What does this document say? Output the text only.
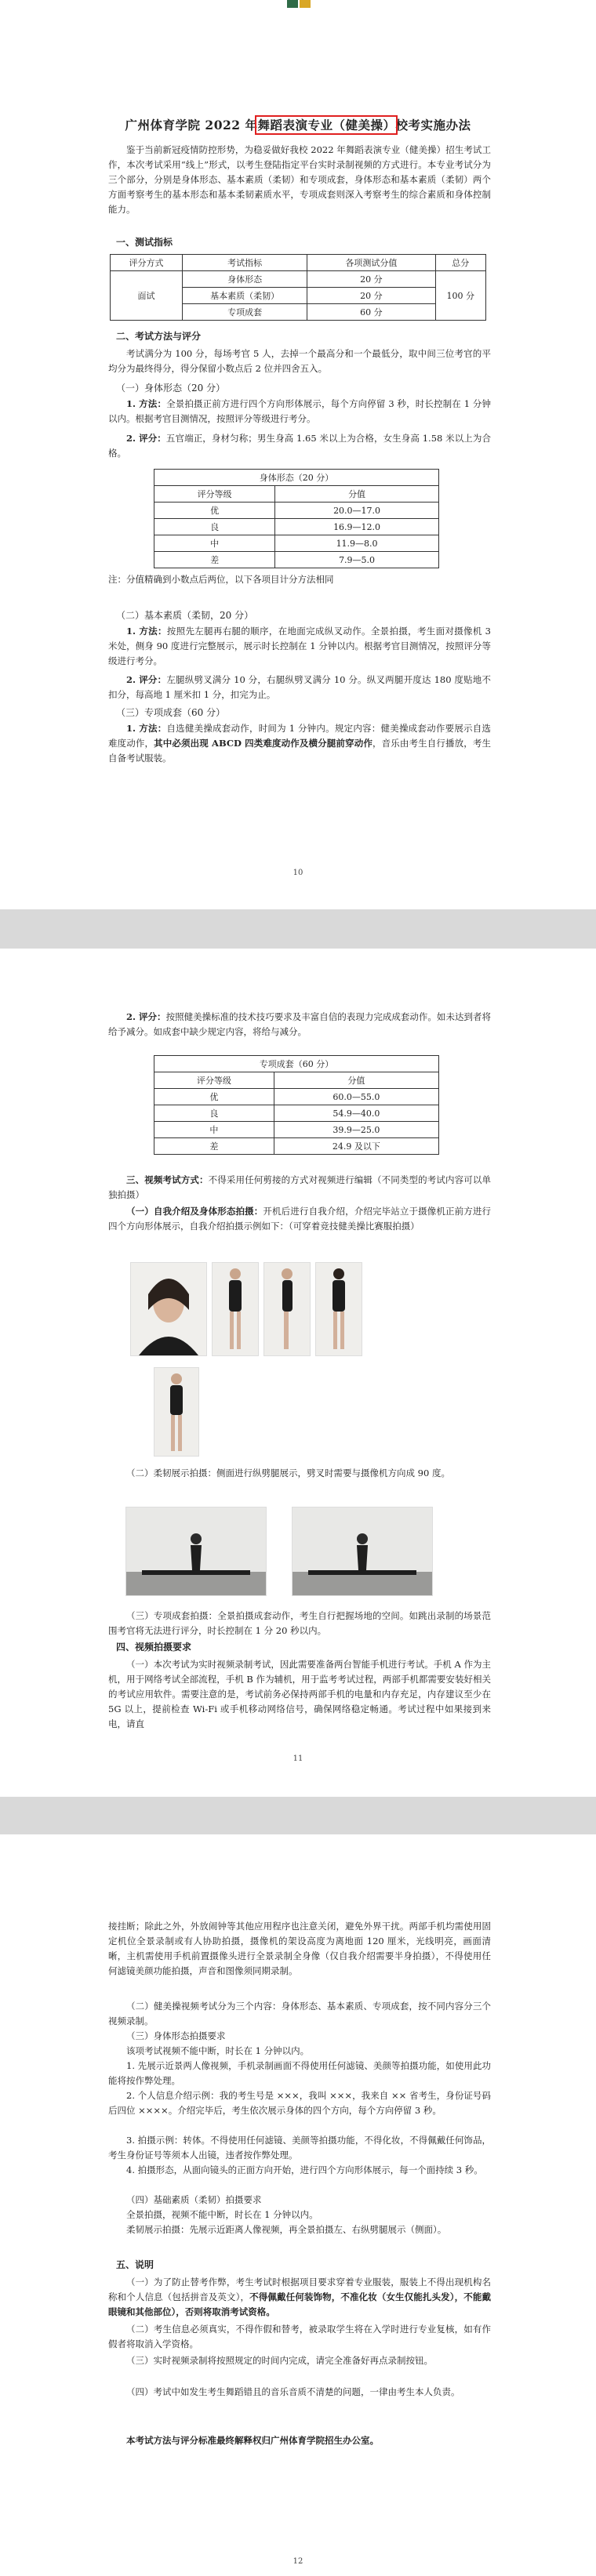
广州体育学院 2022 年舞蹈表演专业（健美操）校考实施办法

鉴于当前新冠疫情防控形势，为稳妥做好我校 2022 年舞蹈表演专业（健美操）招生考试工作，本次考试采用“线上”形式，以考生登陆指定平台实时录制视频的方式进行。本专业考试分为三个部分，分别是身体形态、基本素质（柔韧）和专项成套，身体形态和基本素质（柔韧）两个方面考察考生的基本形态和基本柔韧素质水平，专项成套则深入考察考生的综合素质和身体控制能力。

一、测试指标

评分方式	考试指标	各项测试分值	总分
面试	身体形态	20 分	100 分
	基本素质（柔韧）	20 分	
	专项成套	60 分	

二、考试方法与评分

考试满分为 100 分，每场考官 5 人，去掉一个最高分和一个最低分，取中间三位考官的平均分为最终得分，得分保留小数点后 2 位并四舍五入。

（一）身体形态（20 分）

1. 方法：全景拍摄正前方进行四个方向形体展示，每个方向停留 3 秒，时长控制在 1 分钟以内。根据考官目测情况，按照评分等级进行考分。

2. 评分：五官端正，身材匀称；男生身高 1.65 米以上为合格，女生身高 1.58 米以上为合格。

身体形态（20 分）	
评分等级	分值
优	20.0—17.0
良	16.9—12.0
中	11.9—8.0
差	7.9—5.0

注：分值精确到小数点后两位，以下各项目计分方法相同

（二）基本素质（柔韧，20 分）

1. 方法：按照先左腿再右腿的顺序，在地面完成纵叉动作。全景拍摄，考生面对摄像机 3 米处，侧身 90 度进行完整展示，展示时长控制在 1 分钟以内。根据考官目测情况，按照评分等级进行考分。

2. 评分：左腿纵劈叉满分 10 分，右腿纵劈叉满分 10 分。纵叉两腿开度达 180 度贴地不扣分，每高地 1 厘米扣 1 分，扣完为止。

（三）专项成套（60 分）

1. 方法：自选健美操成套动作，时间为 1 分钟内。规定内容：健美操成套动作要展示自选难度动作，其中必须出现 ABCD 四类难度动作及横分腿前穿动作，音乐由考生自行播放，考生自备考试服装。

10

2. 评分：按照健美操标准的技术技巧要求及丰富自信的表现力完成成套动作。如未达到者将给予减分。如成套中缺少规定内容，将给与减分。

专项成套（60 分）	
评分等级	分值
优	60.0—55.0
良	54.9—40.0
中	39.9—25.0
差	24.9 及以下

三、视频考试方式：不得采用任何剪接的方式对视频进行编辑（不同类型的考试内容可以单独拍摄）

（一）自我介绍及身体形态拍摄：开机后进行自我介绍，介绍完毕站立于摄像机正前方进行四个方向形体展示，自我介绍拍摄示例如下：（可穿着竞技健美操比赛服拍摄）

（二）柔韧展示拍摄：侧面进行纵劈腿展示，劈叉时需要与摄像机方向成 90 度。

（三）专项成套拍摄：全景拍摄成套动作，考生自行把握场地的空间。如跳出录制的场景范围考官将无法进行评分，时长控制在 1 分 20 秒以内。

四、视频拍摄要求

（一）本次考试为实时视频录制考试，因此需要准备两台智能手机进行考试。手机 A 作为主机，用于网络考试全部流程，手机 B 作为辅机，用于监考考试过程，两部手机都需要安装好相关的考试应用软件。需要注意的是，考试前务必保持两部手机的电量和内存充足，内存建议至少在 5G 以上，提前检查 Wi-Fi 或手机移动网络信号，确保网络稳定畅通。考试过程中如果接到来电，请直

11

接挂断；除此之外，外放闹钟等其他应用程序也注意关闭，避免外界干扰。两部手机均需使用固定机位全景录制或有人协助拍摄，摄像机的架设高度为离地面 120 厘米，光线明亮，画面清晰，主机需使用手机前置摄像头进行全景录制全身像（仅自我介绍需要半身拍摄），不得使用任何滤镜美颜功能拍摄，声音和图像须同期录制。

（二）健美操视频考试分为三个内容：身体形态、基本素质、专项成套，按不同内容分三个视频录制。

（三）身体形态拍摄要求

该项考试视频不能中断，时长在 1 分钟以内。

1. 先展示近景两人像视频，手机录制画面不得使用任何滤镜、美颜等拍摄功能，如使用此功能将按作弊处理。

2. 个人信息介绍示例：我的考生号是 ×××，我叫 ×××，我来自 ×× 省考生，身份证号码后四位 ××××。介绍完毕后，考生依次展示身体的四个方向，每个方向停留 3 秒。

3. 拍摄示例：转体。不得使用任何滤镜、美颜等拍摄功能，不得化妆，不得佩戴任何饰品，考生身份证号等须本人出镜，违者按作弊处理。

4. 拍摄形态，从面向镜头的正面方向开始，进行四个方向形体展示，每一个面持续 3 秒。

（四）基础素质（柔韧）拍摄要求

全景拍摄，视频不能中断，时长在 1 分钟以内。

柔韧展示拍摄：先展示近距离人像视频，再全景拍摄左、右纵劈腿展示（侧面）。

五、说明

（一）为了防止替考作弊，考生考试时根据项目要求穿着专业服装，服装上不得出现机构名称和个人信息（包括拼音及英文），不得佩戴任何装饰物，不准化妆（女生仅能扎头发），不能戴眼镜和其他部位），否则将取消考试资格。

（二）考生信息必须真实，不得作假和替考，被录取学生将在入学时进行专业复核，如有作假者将取消入学资格。

（三）实时视频录制将按照规定的时间内完成，请完全准备好再点录制按钮。

（四）考试中如发生考生舞蹈错且的音乐音质不清楚的问题，一律由考生本人负责。

本考试方法与评分标准最终解释权归广州体育学院招生办公室。

12
